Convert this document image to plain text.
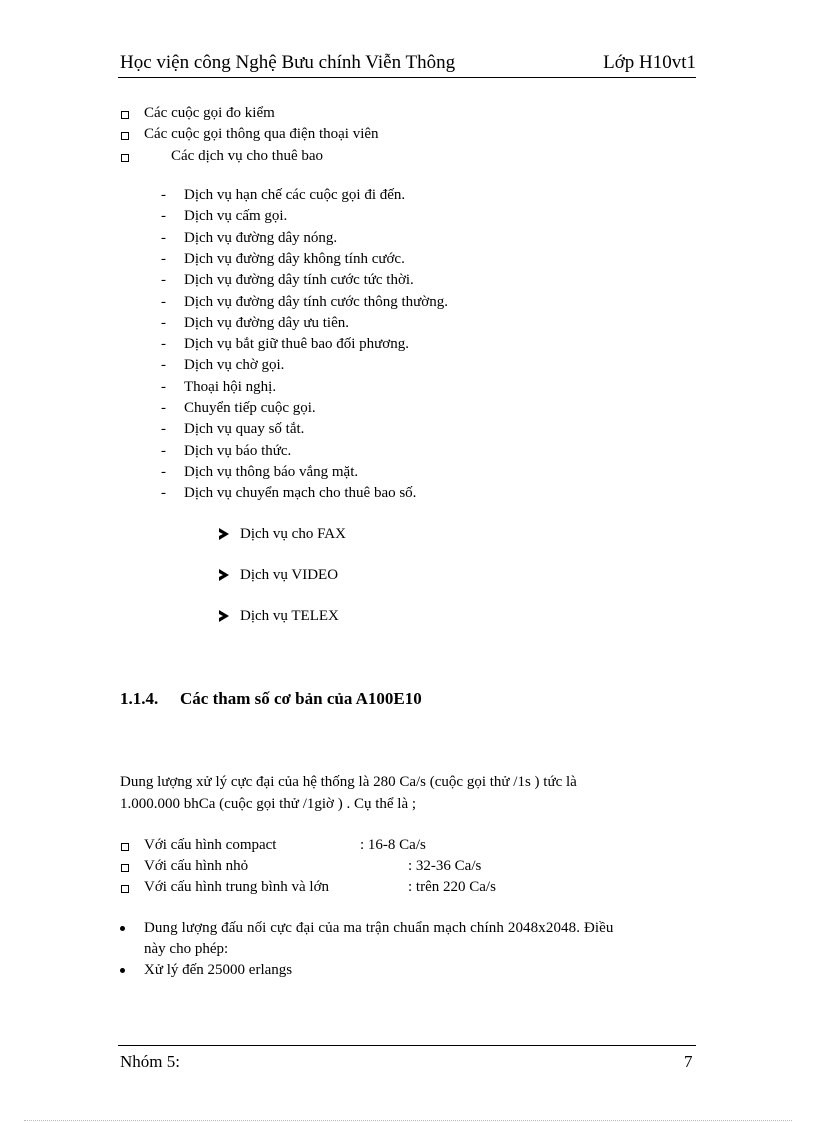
Học viện công Nghệ Bưu chính Viễn Thông	Lớp H10vt1
Các cuộc gọi đo kiểm
Các cuộc gọi thông qua điện thoại viên
Các dịch vụ cho thuê bao
- Dịch vụ hạn chế các cuộc gọi đi đến.
- Dịch vụ cấm gọi.
- Dịch vụ đường dây nóng.
- Dịch vụ đường dây không tính cước.
- Dịch vụ đường dây tính cước tức thời.
- Dịch vụ đường dây tính cước thông thường.
- Dịch vụ đường dây ưu tiên.
- Dịch vụ bắt giữ thuê bao đối phương.
- Dịch vụ chờ gọi.
- Thoại hội nghị.
- Chuyển tiếp cuộc gọi.
- Dịch vụ quay số tắt.
- Dịch vụ báo thức.
- Dịch vụ thông báo vắng mặt.
- Dịch vụ chuyển mạch cho thuê bao số.
Dịch vụ cho FAX
Dịch vụ VIDEO
Dịch vụ TELEX
1.1.4. Các tham số cơ bản của A100E10
Dung lượng xử lý cực đại của hệ thống là 280 Ca/s (cuộc gọi thử /1s ) tức là
1.000.000 bhCa (cuộc gọi thử /1giờ ) . Cụ thể là ;
Với cấu hình compact	: 16-8 Ca/s
Với cấu hình nhỏ	: 32-36 Ca/s
Với cấu hình trung bình và lớn	: trên 220 Ca/s
Dung lượng đấu nối cực đại của ma trận chuẩn mạch chính 2048x2048. Điều
này cho phép:
Xử lý đến 25000 erlangs
Nhóm 5:	7
